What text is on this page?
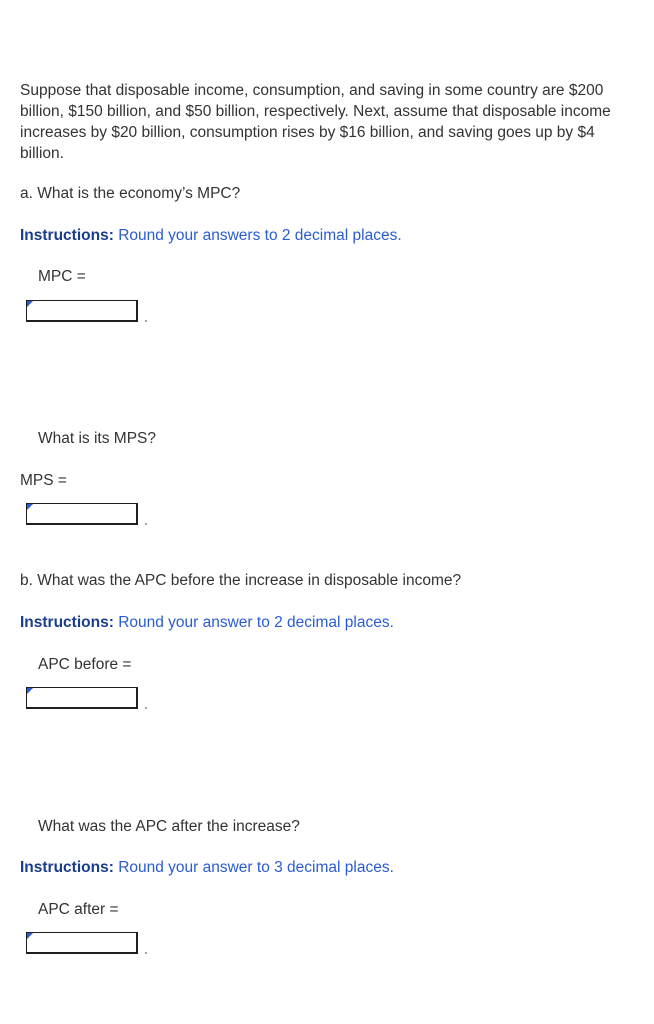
Suppose that disposable income, consumption, and saving in some country are $200 billion, $150 billion, and $50 billion, respectively. Next, assume that disposable income increases by $20 billion, consumption rises by $16 billion, and saving goes up by $4 billion.
a. What is the economy’s MPC?
Instructions: Round your answers to 2 decimal places.
MPC =
What is its MPS?
MPS =
b. What was the APC before the increase in disposable income?
Instructions: Round your answer to 2 decimal places.
APC before =
What was the APC after the increase?
Instructions: Round your answer to 3 decimal places.
APC after =
